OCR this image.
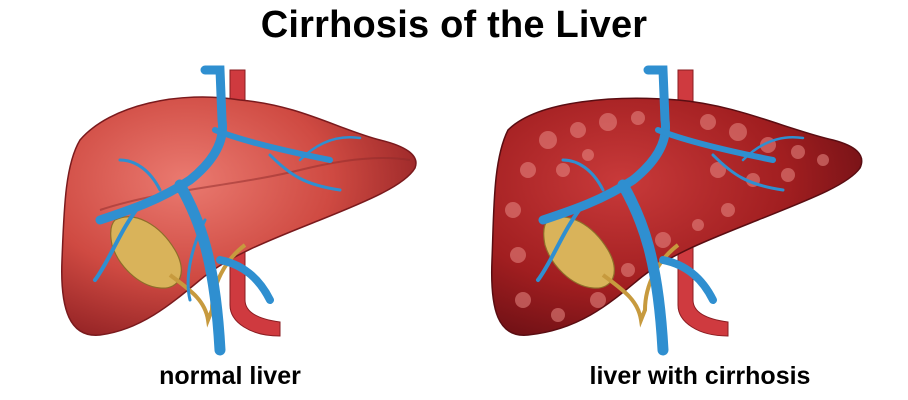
Cirrhosis of the Liver
normal liver	liver with cirrhosis
